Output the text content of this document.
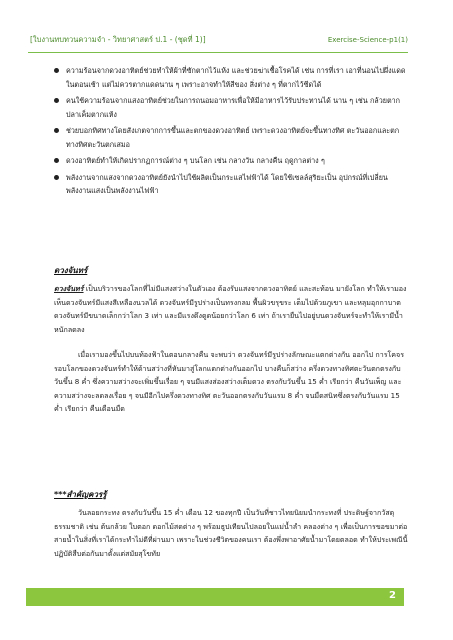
[ใบงานทบทวนความจำ - วิทยาศาสตร์ ป.1 - (ชุดที่ 1)]	Exercise-Science-p1(1)
ความร้อนจากดวงอาทิตย์ช่วยทำให้ผ้าที่ซักตากไว้แห้ง และช่วยฆ่าเชื้อโรคได้ เช่น การที่เรา เอาที่นอนไปผึ่งแดดในตอนเช้า แต่ไม่ควรตากแดดนาน ๆ เพราะอาจทำให้สีของ สิ่งต่าง ๆ ที่ตากไว้ซีดได้
คนใช้ความร้อนจากแสงอาทิตย์ช่วยในการถนอมอาหารเพื่อให้มีอาหารไว้รับประทานได้ นาน ๆ เช่น กล้วยตาก ปลาเค็มตากแห้ง
ช่วยบอกทิศทางโดยสังเกตจากการขึ้นและตกของดวงอาทิตย์ เพราะดวงอาทิตย์จะขึ้นทางทิศ ตะวันออกและตกทางทิศตะวันตกเสมอ
ดวงอาทิตย์ทำให้เกิดปรากฏการณ์ต่าง ๆ บนโลก เช่น กลางวัน กลางคืน ฤดูกาลต่าง ๆ
พลังงานจากแสงจากดวงอาทิตย์ยังนำไปใช้ผลิตเป็นกระแสไฟฟ้าได้ โดยใช้เซลล์สุริยะเป็น อุปกรณ์ที่เปลี่ยนพลังงานแสงเป็นพลังงานไฟฟ้า
ดวงจันทร์

ดวงจันทร์ เป็นบริวารของโลกที่ไม่มีแสงสว่างในตัวเอง ต้องรับแสงจากดวงอาทิตย์ และสะท้อน มายังโลก ทำให้เรามองเห็นดวงจันทร์มีแสงสีเหลืองนวลได้ ดวงจันทร์มีรูปร่างเป็นทรงกลม พื้นผิวขรุขระ เต็มไปด้วยภูเขา และหลุมอุกกาบาต ดวงจันทร์มีขนาดเล็กกว่าโลก 3 เท่า และมีแรงดึงดูดน้อยกว่าโลก 6 เท่า ถ้าเรายืนไปอยู่บนดวงจันทร์จะทำให้เรามีน้ำหนักลดลง

เมื่อเรามองขึ้นไปบนท้องฟ้าในตอนกลางคืน จะพบว่า ดวงจันทร์มีรูปร่างลักษณะแตกต่างกัน ออกไป การโคจรรอบโลกของดวงจันทร์ทำให้ด้านสว่างที่หันมาสู่โลกแตกต่างกันออกไป บางคืนก็สว่าง ครึ่งดวงทางทิศตะวันตกตรงกับวันขึ้น 8 ค่ำ ซึ่งความสว่างจะเพิ่มขึ้นเรื่อย ๆ จนมีแสงส่องสว่างเต็มดวง ตรงกับวันขึ้น 15 ค่ำ เรียกว่า คืนวันเพ็ญ และความสว่างจะลดลงเรื่อย ๆ จนมีอีกไปครึ่งดวงทางทิศ ตะวันออกตรงกับวันแรม 8 ค่ำ จนมืดสนิทซึ่งตรงกับวันแรม 15 ค่ำ เรียกว่า คืนเดือนมืด

***สำคัญควรรู้

วันลอยกระทง ตรงกับวันขึ้น 15 ค่ำ เดือน 12 ของทุกปี เป็นวันที่ชาวไทยนิยมนำกระทงที่ ประดิษฐ์จากวัสดุธรรมชาติ เช่น ต้นกล้วย ใบตอก ดอกไม้สดต่าง ๆ พร้อมธูปเทียนไปลอยในแม่น้ำลำ คลองต่าง ๆ เพื่อเป็นการขอขมาต่อสายน้ำในสิ่งที่เราได้กระทำไม่ดีที่ผ่านมา เพราะในช่วงชีวิตของคนเรา ต้องพึ่งพาอาศัยน้ำมาโดยตลอด ทำให้ประเพณีนี้ปฏิบัติสืบต่อกันมาตั้งแต่สมัยสุโขทัย

2
